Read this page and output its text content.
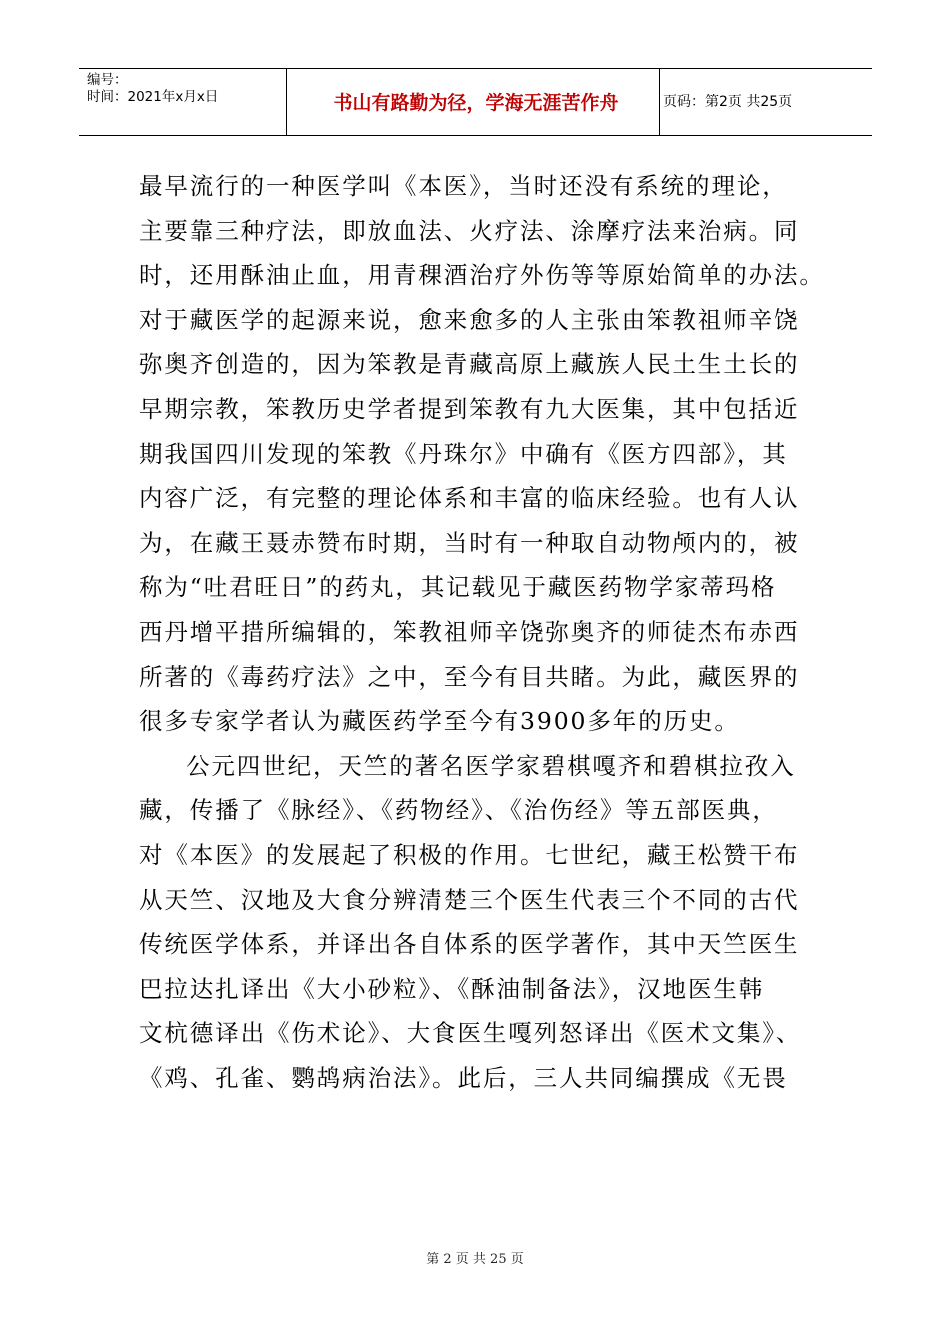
编号：
时间：2021年x月x日	书山有路勤为径，学海无涯苦作舟	页码：第2页 共25页
最早流行的一种医学叫《本医》，当时还没有系统的理论，
主要靠三种疗法，即放血法、火疗法、涂摩疗法来治病。同
时，还用酥油止血，用青稞酒治疗外伤等等原始简单的办法。
对于藏医学的起源来说，愈来愈多的人主张由笨教祖师辛饶
弥奥齐创造的，因为笨教是青藏高原上藏族人民土生土长的
早期宗教，笨教历史学者提到笨教有九大医集，其中包括近
期我国四川发现的笨教《丹珠尔》中确有《医方四部》，其
内容广泛，有完整的理论体系和丰富的临床经验。也有人认
为，在藏王聂赤赞布时期，当时有一种取自动物颅内的，被
称为“吐君旺日”的药丸，其记载见于藏医药物学家蒂玛格
西丹增平措所编辑的，笨教祖师辛饶弥奥齐的师徒杰布赤西
所著的《毒药疗法》之中，至今有目共睹。为此，藏医界的
很多专家学者认为藏医药学至今有3900多年的历史。
公元四世纪，天竺的著名医学家碧棋嘎齐和碧棋拉孜入
藏，传播了《脉经》、《药物经》、《治伤经》等五部医典，
对《本医》的发展起了积极的作用。七世纪，藏王松赞干布
从天竺、汉地及大食分辨清楚三个医生代表三个不同的古代
传统医学体系，并译出各自体系的医学著作，其中天竺医生
巴拉达扎译出《大小砂粒》、《酥油制备法》，汉地医生韩
文杭德译出《伤术论》、大食医生嘎列怒译出《医术文集》、
《鸡、孔雀、鹦鸪病治法》。此后，三人共同编撰成《无畏
第 2 页 共 25 页
